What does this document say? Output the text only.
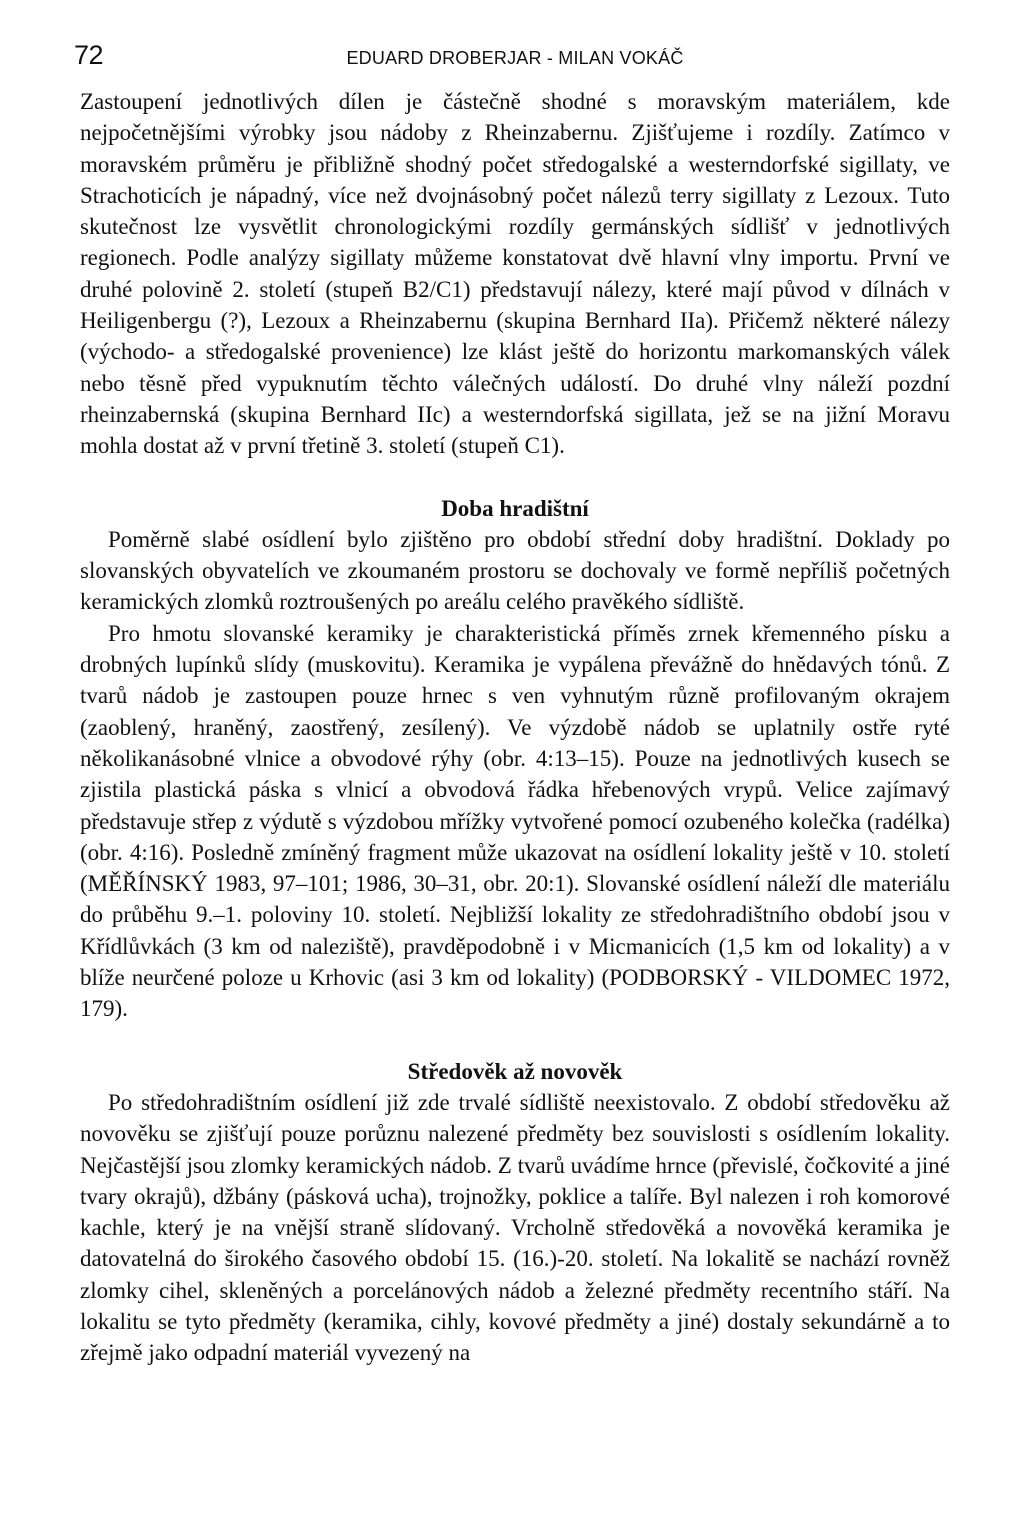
72	EDUARD DROBERJAR - MILAN VOKÁČ

Zastoupení jednotlivých dílen je částečně shodné s moravským materiálem, kde nejpočetnějšími výrobky jsou nádoby z Rheinzabernu. Zjišťujeme i rozdíly. Zatímco v moravském průměru je přibližně shodný počet středogalské a westerndorfské sigillaty, ve Strachoticích je nápadný, více než dvojnásobný počet nálezů terry sigillaty z Lezoux. Tuto skutečnost lze vysvětlit chronologickými rozdíly germánských sídlišť v jednotlivých regionech. Podle analýzy sigillaty můžeme konstatovat dvě hlavní vlny importu. První ve druhé polovině 2. století (stupeň B2/C1) představují nálezy, které mají původ v dílnách v Heiligenbergu (?), Lezoux a Rheinzabernu (skupina Bernhard IIa). Přičemž některé nálezy (východo- a středogalské provenience) lze klást ještě do horizontu markomanských válek nebo těsně před vypuknutím těchto válečných událostí. Do druhé vlny náleží pozdní rheinzabernská (skupina Bernhard IIc) a westerndorfská sigillata, jež se na jižní Moravu mohla dostat až v první třetině 3. století (stupeň C1).

Doba hradištní

Poměrně slabé osídlení bylo zjištěno pro období střední doby hradištní. Doklady po slovanských obyvatelích ve zkoumaném prostoru se dochovaly ve formě nepříliš početných keramických zlomků roztroušených po areálu celého pravěkého sídliště.

Pro hmotu slovanské keramiky je charakteristická příměs zrnek křemenného písku a drobných lupínků slídy (muskovitu). Keramika je vypálena převážně do hnědavých tónů. Z tvarů nádob je zastoupen pouze hrnec s ven vyhnutým různě profilovaným okrajem (zaoblený, hraněný, zaostřený, zesílený). Ve výzdobě nádob se uplatnily ostře ryté několikanásobné vlnice a obvodové rýhy (obr. 4:13–15). Pouze na jednotlivých kusech se zjistila plastická páska s vlnicí a obvodová řádka hřebenových vrypů. Velice zajímavý představuje střep z výdutě s výzdobou mřížky vytvořené pomocí ozubeného kolečka (radélka) (obr. 4:16). Posledně zmíněný fragment může ukazovat na osídlení lokality ještě v 10. století (MĚŘÍNSKÝ 1983, 97–101; 1986, 30–31, obr. 20:1). Slovanské osídlení náleží dle materiálu do průběhu 9.–1. poloviny 10. století. Nejbližší lokality ze středohradištního období jsou v Křídlůvkách (3 km od naleziště), pravděpodobně i v Micmanicích (1,5 km od lokality) a v blíže neurčené poloze u Krhovic (asi 3 km od lokality) (PODBORSKÝ - VILDOMEC 1972, 179).

Středověk až novověk

Po středohradištním osídlení již zde trvalé sídliště neexistovalo. Z období středověku až novověku se zjišťují pouze porůznu nalezené předměty bez souvislosti s osídlením lokality. Nejčastější jsou zlomky keramických nádob. Z tvarů uvádíme hrnce (převislé, čočkovité a jiné tvary okrajů), džbány (pásková ucha), trojnožky, poklice a talíře. Byl nalezen i roh komorové kachle, který je na vnější straně slídovaný. Vrcholně středověká a novověká keramika je datovatelná do širokého časového období 15. (16.)-20. století. Na lokalitě se nachází rovněž zlomky cihel, skleněných a porcelánových nádob a železné předměty recentního stáří. Na lokalitu se tyto předměty (keramika, cihly, kovové předměty a jiné) dostaly sekundárně a to zřejmě jako odpadní materiál vyvezený na
